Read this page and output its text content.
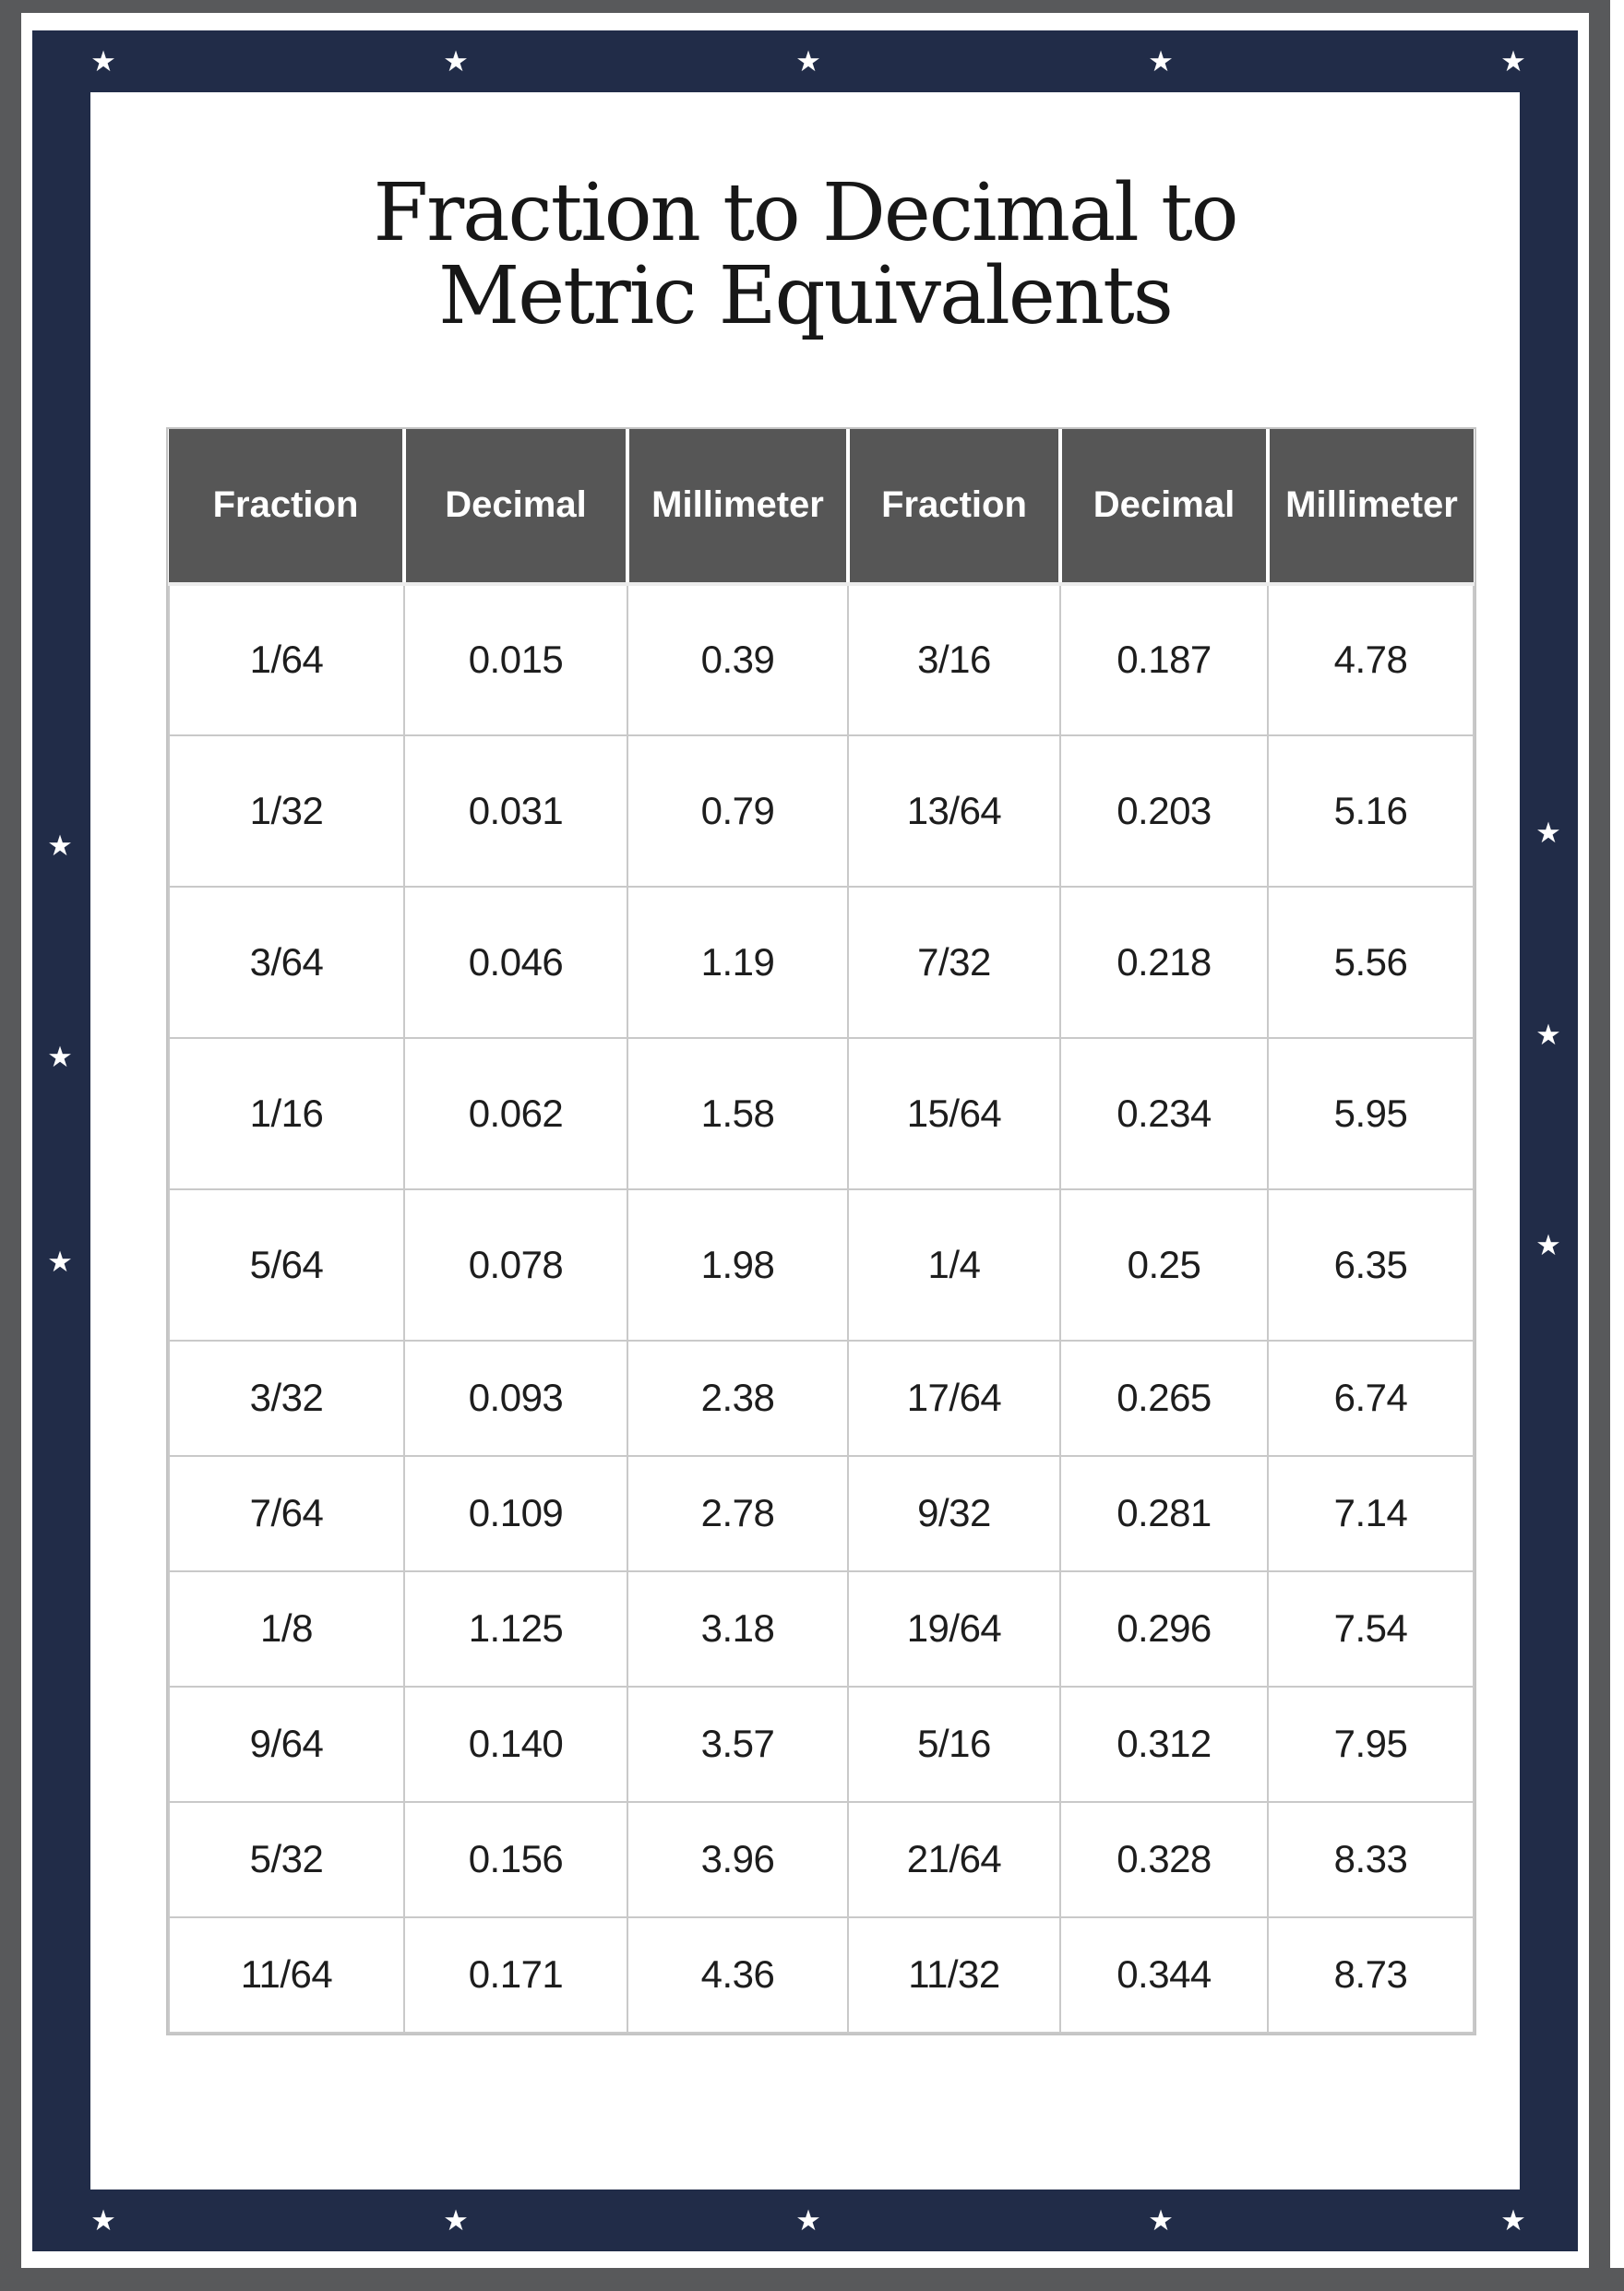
Fraction to Decimal to
Metric Equivalents
Fraction	Decimal	Millimeter	Fraction	Decimal	Millimeter
1/64	0.015	0.39	3/16	0.187	4.78
1/32	0.031	0.79	13/64	0.203	5.16
3/64	0.046	1.19	7/32	0.218	5.56
1/16	0.062	1.58	15/64	0.234	5.95
5/64	0.078	1.98	1/4	0.25	6.35
3/32	0.093	2.38	17/64	0.265	6.74
7/64	0.109	2.78	9/32	0.281	7.14
1/8	1.125	3.18	19/64	0.296	7.54
9/64	0.140	3.57	5/16	0.312	7.95
5/32	0.156	3.96	21/64	0.328	8.33
11/64	0.171	4.36	11/32	0.344	8.73
★	★	★	★	★
★	★	★	★	★
★
★
★
★
★
★
